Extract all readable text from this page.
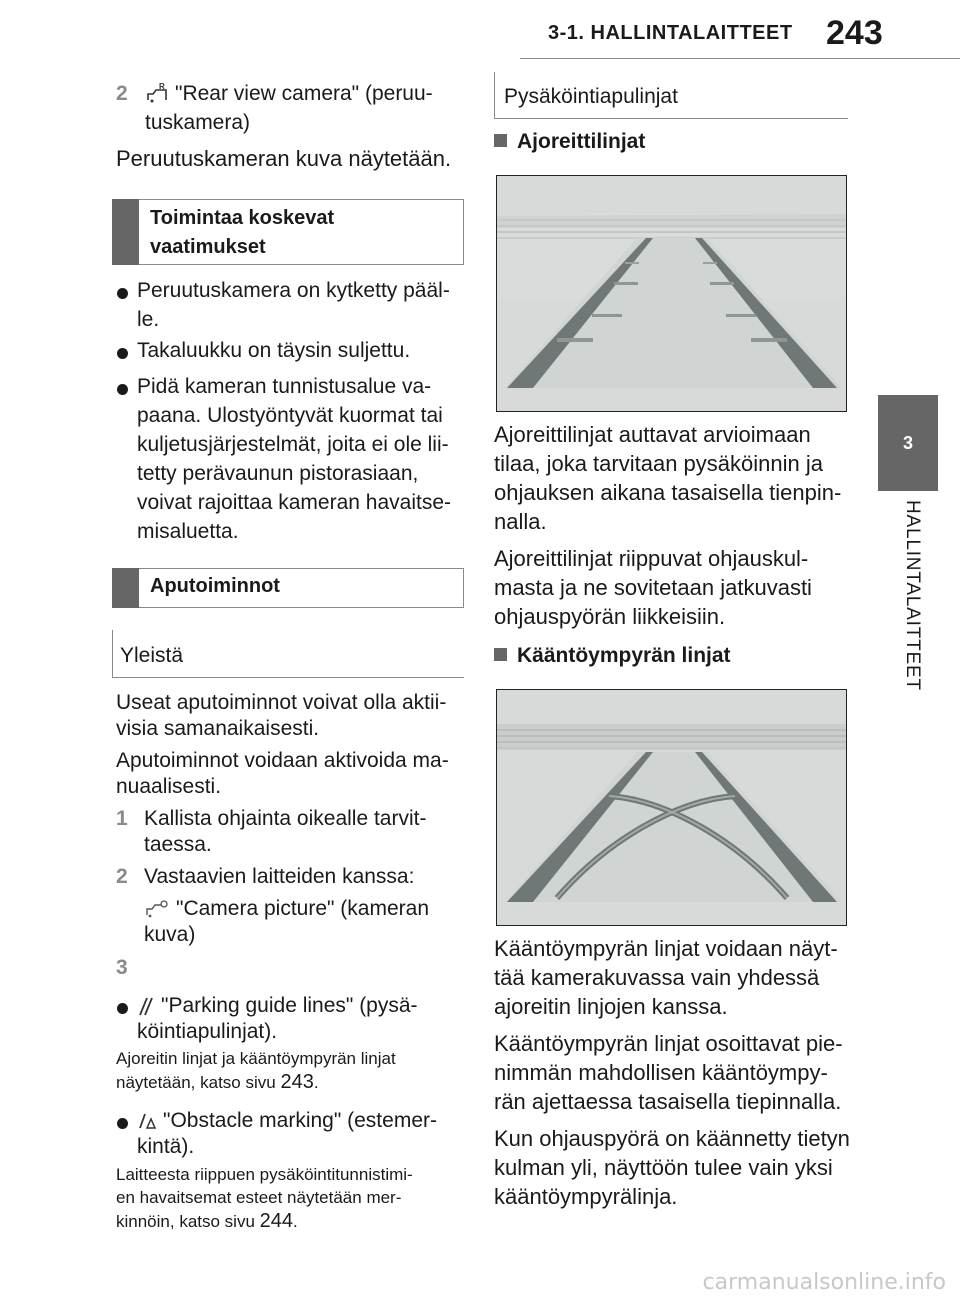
3-1. HALLINTALAITTEET 243
3
HALLINTALAITTEET
2	R "Rear view camera" (peruu-
tuskamera)
Peruutuskameran kuva näytetään.
Toimintaa koskevat
vaatimukset
Peruutuskamera on kytketty pääl-
le.
Takaluukku on täysin suljettu.
Pidä kameran tunnistusalue va-
paana. Ulostyöntyvät kuormat tai
kuljetusjärjestelmät, joita ei ole lii-
tetty perävaunun pistorasiaan,
voivat rajoittaa kameran havaitse-
misaluetta.
Aputoiminnot
Yleistä
Useat aputoiminnot voivat olla aktii-
visia samanaikaisesti.
Aputoiminnot voidaan aktivoida ma-
nuaalisesti.
1 Kallista ohjainta oikealle tarvit-
taessa.
2 Vastaavien laitteiden kanssa:
"Camera picture" (kameran
kuva)
3
"Parking guide lines" (pysä-
köintiapulinjat).
Ajoreitin linjat ja kääntöympyrän linjat
näytetään, katso sivu 243.
"Obstacle marking" (estemer-
kintä).
Laitteesta riippuen pysäköintitunnistimi-
en havaitsemat esteet näytetään mer-
kinnöin, katso sivu 244.
Pysäköintiapulinjat
Ajoreittilinjat
Ajoreittilinjat auttavat arvioimaan
tilaa, joka tarvitaan pysäköinnin ja
ohjauksen aikana tasaisella tienpin-
nalla.
Ajoreittilinjat riippuvat ohjauskul-
masta ja ne sovitetaan jatkuvasti
ohjauspyörän liikkeisiin.
Kääntöympyrän linjat
Kääntöympyrän linjat voidaan näyt-
tää kamerakuvassa vain yhdessä
ajoreitin linjojen kanssa.
Kääntöympyrän linjat osoittavat pie-
nimmän mahdollisen kääntöympy-
rän ajettaessa tasaisella tiepinnalla.
Kun ohjauspyörä on käännetty tietyn
kulman yli, näyttöön tulee vain yksi
kääntöympyrälinja.
carmanualsonline.info
